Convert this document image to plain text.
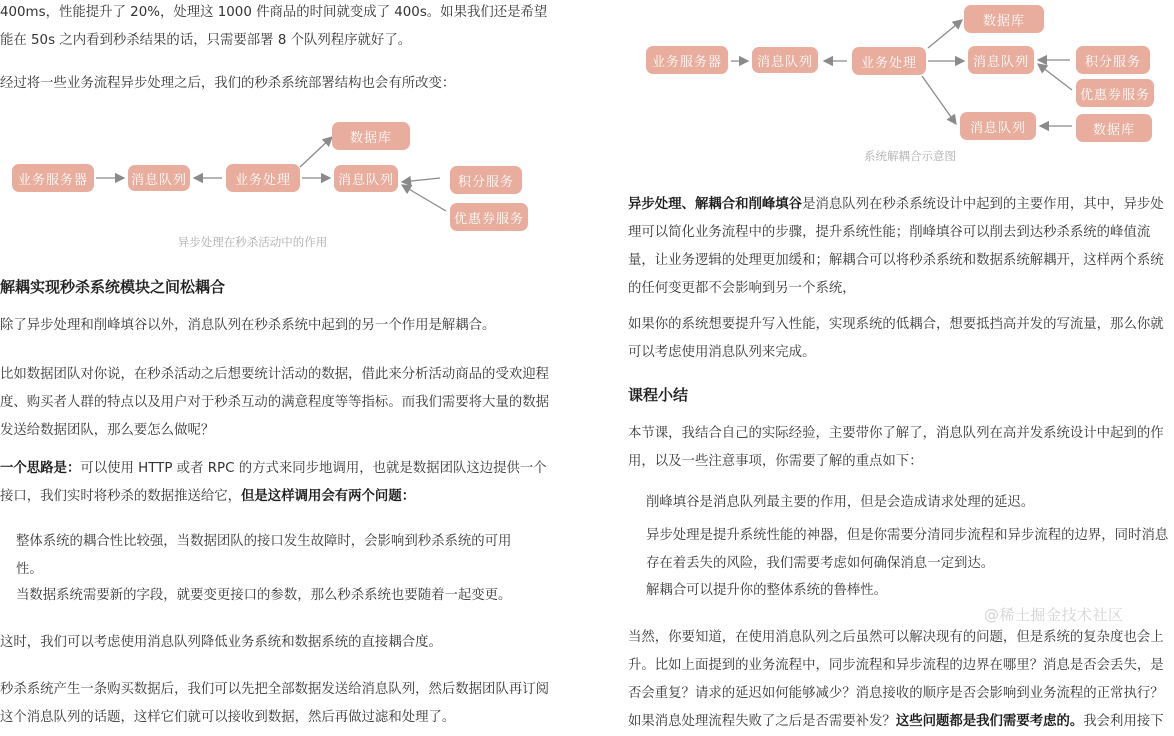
400ms，性能提升了 20%，处理这 1000 件商品的时间就变成了 400s。如果我们还是希望能在 50s 之内看到秒杀结果的话，只需要部署 8 个队列程序就好了。

经过将一些业务流程异步处理之后，我们的秒杀系统部署结构也会有所改变：

业务服务器	消息队列	业务处理
数据库
消息队列	积分服务
优惠券服务
异步处理在秒杀活动中的作用
解耦实现秒杀系统模块之间松耦合

除了异步处理和削峰填谷以外，消息队列在秒杀系统中起到的另一个作用是解耦合。

比如数据团队对你说，在秒杀活动之后想要统计活动的数据，借此来分析活动商品的受欢迎程度、购买者人群的特点以及用户对于秒杀互动的满意程度等等指标。而我们需要将大量的数据发送给数据团队，那么要怎么做呢？

一个思路是：可以使用 HTTP 或者 RPC 的方式来同步地调用，也就是数据团队这边提供一个接口，我们实时将秒杀的数据推送给它，但是这样调用会有两个问题：

整体系统的耦合性比较强，当数据团队的接口发生故障时，会影响到秒杀系统的可用性。

当数据系统需要新的字段，就要变更接口的参数，那么秒杀系统也要随着一起变更。

这时，我们可以考虑使用消息队列降低业务系统和数据系统的直接耦合度。

秒杀系统产生一条购买数据后，我们可以先把全部数据发送给消息队列，然后数据团队再订阅这个消息队列的话题，这样它们就可以接收到数据，然后再做过滤和处理了。

业务服务器	消息队列	业务处理
数据库
消息队列	积分服务
优惠券服务
消息队列	数据库
系统解耦合示意图

异步处理、解耦合和削峰填谷是消息队列在秒杀系统设计中起到的主要作用，其中，异步处理可以简化业务流程中的步骤，提升系统性能；削峰填谷可以削去到达秒杀系统的峰值流量，让业务逻辑的处理更加缓和；解耦合可以将秒杀系统和数据系统解耦开，这样两个系统的任何变更都不会影响到另一个系统，

如果你的系统想要提升写入性能，实现系统的低耦合，想要抵挡高并发的写流量，那么你就可以考虑使用消息队列来完成。

课程小结

本节课，我结合自己的实际经验，主要带你了解了，消息队列在高并发系统设计中起到的作用，以及一些注意事项，你需要了解的重点如下：

削峰填谷是消息队列最主要的作用，但是会造成请求处理的延迟。

异步处理是提升系统性能的神器，但是你需要分清同步流程和异步流程的边界，同时消息存在着丢失的风险，我们需要考虑如何确保消息一定到达。

解耦合可以提升你的整体系统的鲁棒性。

当然，你要知道，在使用消息队列之后虽然可以解决现有的问题，但是系统的复杂度也会上升。比如上面提到的业务流程中，同步流程和异步流程的边界在哪里？消息是否会丢失，是否会重复？请求的延迟如何能够减少？消息接收的顺序是否会影响到业务流程的正常执行？如果消息处理流程失败了之后是否需要补发？这些问题都是我们需要考虑的。我会利用接下

@稀土掘金技术社区
